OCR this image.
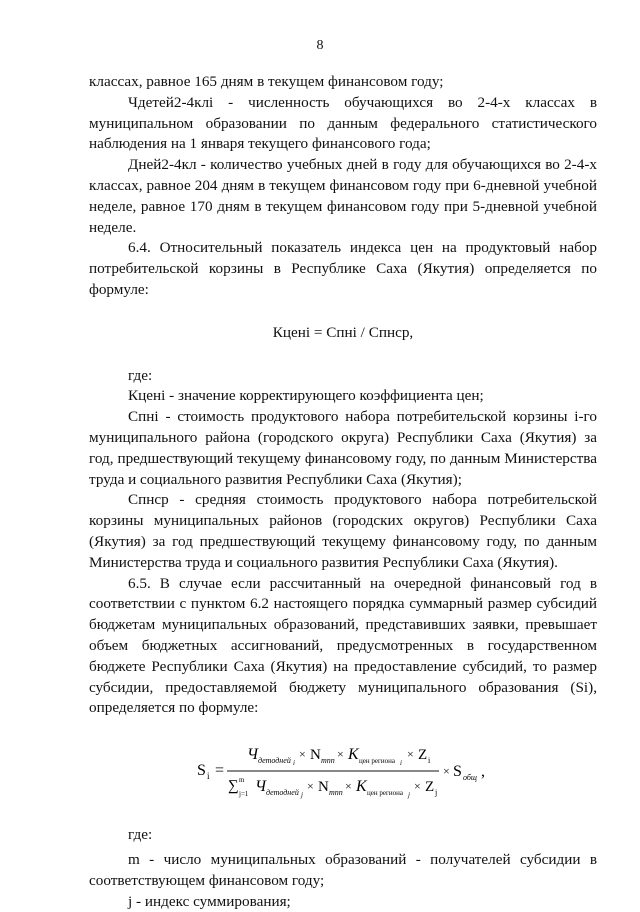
8

классах, равное 165 дням в текущем финансовом году;

Чдетей2-4клi - численность обучающихся во 2-4-х классах в муниципальном образовании по данным федерального статистического наблюдения на 1 января текущего финансового года;

Дней2-4кл - количество учебных дней в году для обучающихся во 2-4-х классах, равное 204 дням в текущем финансовом году при 6-дневной учебной неделе, равное 170 дням в текущем финансовом году при 5-дневной учебной неделе.

6.4. Относительный показатель индекса цен на продуктовый набор потребительской корзины в Республике Саха (Якутия) определяется по формуле:

Кценi = Спнi / Спнср,

где:

Кценi - значение корректирующего коэффициента цен;

Спнi - стоимость продуктового набора потребительской корзины i-го муниципального района (городского округа) Республики Саха (Якутия) за год, предшествующий текущему финансовому году, по данным Министерства труда и социального развития Республики Саха (Якутия);

Спнср - средняя стоимость продуктового набора потребительской корзины муниципальных районов (городских округов) Республики Саха (Якутия) за год предшествующий текущему финансовому году, по данным Министерства труда и социального развития Республики Саха (Якутия).

6.5. В случае если рассчитанный на очередной финансовый год в соответствии с пунктом 6.2 настоящего порядка суммарный размер субсидий бюджетам муниципальных образований, представивших заявки, превышает объем бюджетных ассигнований, предусмотренных в государственном бюджете Республики Саха (Якутия) на предоставление субсидий, то размер субсидии, предоставляемой бюджету муниципального образования (Si), определяется по формуле:

S i =
Ч детодней i
× N тпп × К цен региона i
× Z i
∑ m
j=1 Ч детодней j
× N тпп × К цен региона j
× Z j
× S общ ,

где:

m - число муниципальных образований - получателей субсидии в соответствующем финансовом году;

j - индекс суммирования;
